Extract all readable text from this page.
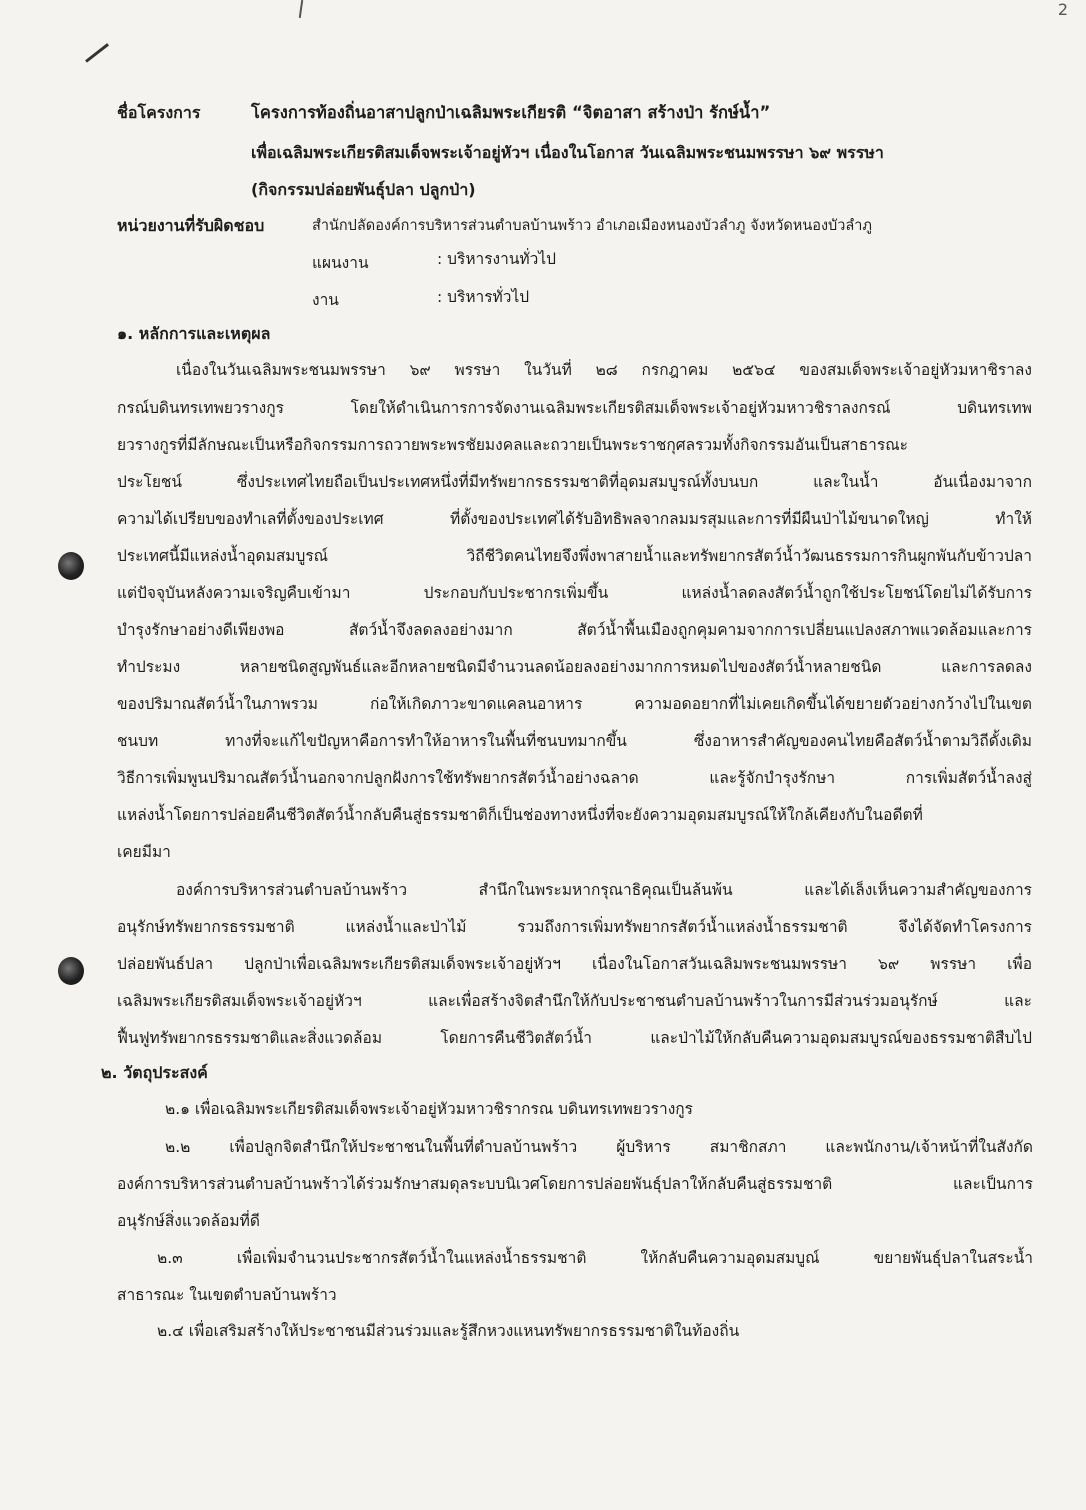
2
ชื่อโครงการ	โครงการท้องถิ่นอาสาปลูกป่าเฉลิมพระเกียรติ “จิตอาสา สร้างป่า รักษ์น้ำ”
เพื่อเฉลิมพระเกียรติสมเด็จพระเจ้าอยู่หัวฯ เนื่องในโอกาส วันเฉลิมพระชนมพรรษา ๖๙ พรรษา
(กิจกรรมปล่อยพันธุ์ปลา ปลูกป่า)
หน่วยงานที่รับผิดชอบ	สำนักปลัดองค์การบริหารส่วนตำบลบ้านพร้าว อำเภอเมืองหนองบัวลำภู จังหวัดหนองบัวลำภู
แผนงาน	: บริหารงานทั่วไป
งาน	: บริหารทั่วไป
๑. หลักการและเหตุผล
เนื่องในวันเฉลิมพระชนมพรรษา ๖๙ พรรษา ในวันที่ ๒๘ กรกฎาคม ๒๕๖๔ ของสมเด็จพระเจ้าอยู่หัวมหาชิราลง
กรณ์บดินทรเทพยวรางกูร โดยให้ดำเนินการการจัดงานเฉลิมพระเกียรติสมเด็จพระเจ้าอยู่หัวมหาวชิราลงกรณ์ บดินทรเทพ
ยวรางกูรที่มีลักษณะเป็นหรือกิจกรรมการถวายพระพรชัยมงคลและถวายเป็นพระราชกุศลรวมทั้งกิจกรรมอันเป็นสาธารณะ
ประโยชน์ ซึ่งประเทศไทยถือเป็นประเทศหนึ่งที่มีทรัพยากรธรรมชาติที่อุดมสมบูรณ์ทั้งบนบก และในน้ำ อันเนื่องมาจาก
ความได้เปรียบของทำเลที่ตั้งของประเทศ ที่ตั้งของประเทศได้รับอิทธิพลจากลมมรสุมและการที่มีผืนป่าไม้ขนาดใหญ่ ทำให้
ประเทศนี้มีแหล่งน้ำอุดมสมบูรณ์ วิถีชีวิตคนไทยจึงพึ่งพาสายน้ำและทรัพยากรสัตว์น้ำวัฒนธรรมการกินผูกพันกับข้าวปลา
แต่ปัจจุบันหลังความเจริญคืบเข้ามา ประกอบกับประชากรเพิ่มขึ้น แหล่งน้ำลดลงสัตว์น้ำถูกใช้ประโยชน์โดยไม่ได้รับการ
บำรุงรักษาอย่างดีเพียงพอ สัตว์น้ำจึงลดลงอย่างมาก สัตว์น้ำพื้นเมืองถูกคุมคามจากการเปลี่ยนแปลงสภาพแวดล้อมและการ
ทำประมง หลายชนิดสูญพันธ์และอีกหลายชนิดมีจำนวนลดน้อยลงอย่างมากการหมดไปของสัตว์น้ำหลายชนิด และการลดลง
ของปริมาณสัตว์น้ำในภาพรวม ก่อให้เกิดภาวะขาดแคลนอาหาร ความอดอยากที่ไม่เคยเกิดขึ้นได้ขยายตัวอย่างกว้างไปในเขต
ชนบท ทางที่จะแก้ไขปัญหาคือการทำให้อาหารในพื้นที่ชนบทมากขึ้น ซึ่งอาหารสำคัญของคนไทยคือสัตว์น้ำตามวิถีดั้งเดิม
วิธีการเพิ่มพูนปริมาณสัตว์น้ำนอกจากปลูกฝังการใช้ทรัพยากรสัตว์น้ำอย่างฉลาด และรู้จักบำรุงรักษา การเพิ่มสัตว์น้ำลงสู่
แหล่งน้ำโดยการปล่อยคืนชีวิตสัตว์น้ำกลับคืนสู่ธรรมชาติก็เป็นช่องทางหนึ่งที่จะยังความอุดมสมบูรณ์ให้ใกล้เคียงกับในอดีตที่
เคยมีมา
องค์การบริหารส่วนตำบลบ้านพร้าว สำนึกในพระมหากรุณาธิคุณเป็นล้นพ้น และได้เล็งเห็นความสำคัญของการ
อนุรักษ์ทรัพยากรธรรมชาติ แหล่งน้ำและป่าไม้ รวมถึงการเพิ่มทรัพยากรสัตว์น้ำแหล่งน้ำธรรมชาติ จึงได้จัดทำโครงการ
ปล่อยพันธ์ปลา ปลูกป่าเพื่อเฉลิมพระเกียรติสมเด็จพระเจ้าอยู่หัวฯ เนื่องในโอกาสวันเฉลิมพระชนมพรรษา ๖๙ พรรษา เพื่อ
เฉลิมพระเกียรติสมเด็จพระเจ้าอยู่หัวฯ และเพื่อสร้างจิตสำนึกให้กับประชาชนตำบลบ้านพร้าวในการมีส่วนร่วมอนุรักษ์ และ
ฟื้นฟูทรัพยากรธรรมชาติและสิ่งแวดล้อม โดยการคืนชีวิตสัตว์น้ำ และป่าไม้ให้กลับคืนความอุดมสมบูรณ์ของธรรมชาติสืบไป
๒. วัตถุประสงค์
๒.๑ เพื่อเฉลิมพระเกียรติสมเด็จพระเจ้าอยู่หัวมหาวชิรากรณ บดินทรเทพยวรางกูร
๒.๒ เพื่อปลูกจิตสำนึกให้ประชาชนในพื้นที่ตำบลบ้านพร้าว ผู้บริหาร สมาชิกสภา และพนักงาน/เจ้าหน้าที่ในสังกัด
องค์การบริหารส่วนตำบลบ้านพร้าวได้ร่วมรักษาสมดุลระบบนิเวศโดยการปล่อยพันธุ์ปลาให้กลับคืนสู่ธรรมชาติ และเป็นการ
อนุรักษ์สิ่งแวดล้อมที่ดี
๒.๓ เพื่อเพิ่มจำนวนประชากรสัตว์น้ำในแหล่งน้ำธรรมชาติ ให้กลับคืนความอุดมสมบูณ์ ขยายพันธุ์ปลาในสระน้ำ
สาธารณะ ในเขตตำบลบ้านพร้าว
๒.๔ เพื่อเสริมสร้างให้ประชาชนมีส่วนร่วมและรู้สึกหวงแหนทรัพยากรธรรมชาติในท้องถิ่น
